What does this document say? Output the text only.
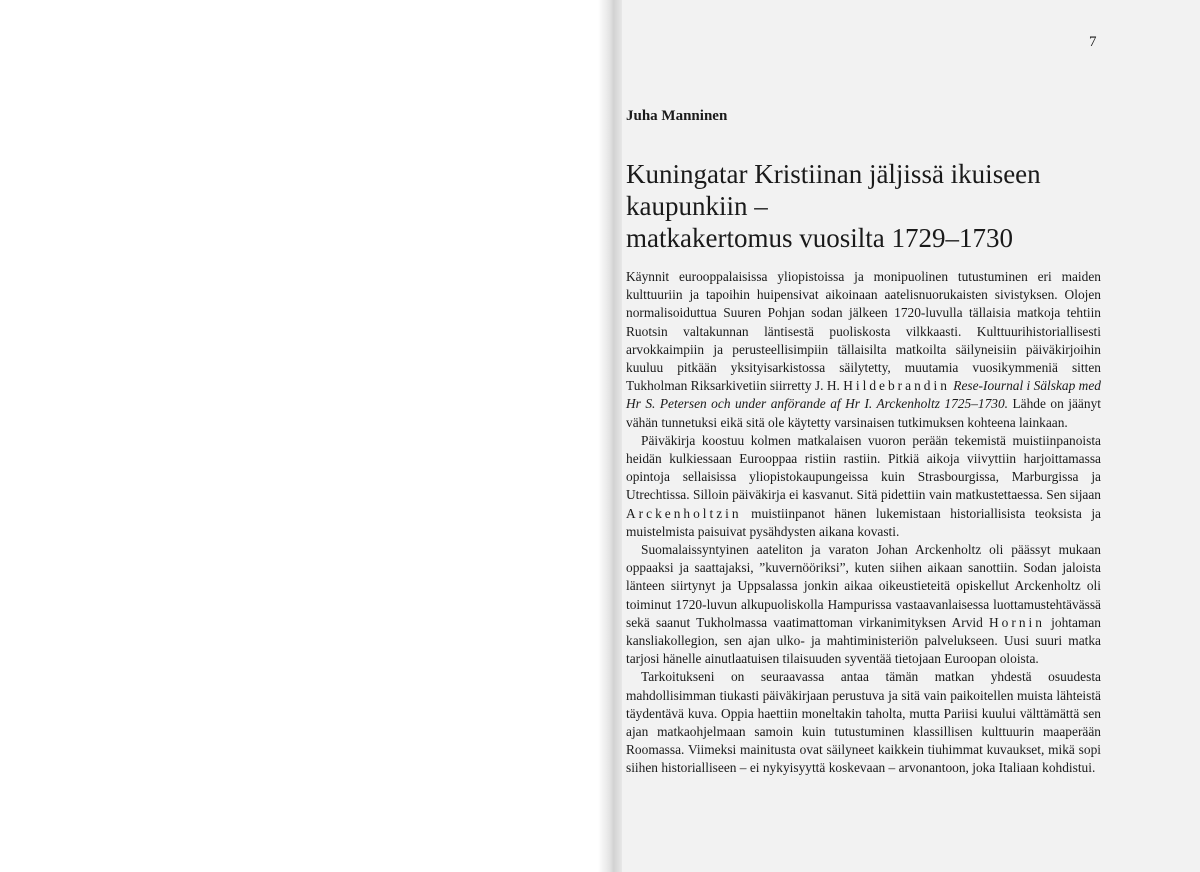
7
Juha Manninen
Kuningatar Kristiinan jäljissä ikuiseen
kaupunkiin –
matkakertomus vuosilta 1729–1730

Käynnit eurooppalaisissa yliopistoissa ja monipuolinen tutustuminen eri maiden kulttuuriin ja tapoihin huipensivat aikoinaan aatelisnuorukaisten sivistyksen. Olojen normalisoiduttua Suuren Pohjan sodan jälkeen 1720-luvulla tällaisia matkoja tehtiin Ruotsin valtakunnan läntisestä puoliskosta vilkkaasti. Kulttuurihistoriallisesti arvokkaimpiin ja perusteellisimpiin tällaisilta matkoilta säilyneisiin päiväkirjoihin kuuluu pitkään yksityisarkistossa säilytetty, muutamia vuosikymmeniä sitten Tukholman Riksarkivetiin siirretty J. H. Hildebrandin Rese-Iournal i Sälskap med Hr S. Petersen och under anförande af Hr I. Arckenholtz 1725–1730. Lähde on jäänyt vähän tunnetuksi eikä sitä ole käytetty varsinaisen tutkimuksen kohteena lainkaan.

Päiväkirja koostuu kolmen matkalaisen vuoron perään tekemistä muistiinpanoista heidän kulkiessaan Eurooppaa ristiin rastiin. Pitkiä aikoja viivyttiin harjoittamassa opintoja sellaisissa yliopistokaupungeissa kuin Strasbourgissa, Marburgissa ja Utrechtissa. Silloin päiväkirja ei kasvanut. Sitä pidettiin vain matkustettaessa. Sen sijaan Arckenholtzin muistiinpanot hänen lukemistaan historiallisista teoksista ja muistelmista paisuivat pysähdysten aikana kovasti.

Suomalaissyntyinen aateliton ja varaton Johan Arckenholtz oli päässyt mukaan oppaaksi ja saattajaksi, ”kuvernööriksi”, kuten siihen aikaan sanottiin. Sodan jaloista länteen siirtynyt ja Uppsalassa jonkin aikaa oikeustieteitä opiskellut Arckenholtz oli toiminut 1720-luvun alkupuoliskolla Hampurissa vastaavanlaisessa luottamustehtävässä sekä saanut Tukholmassa vaatimattoman virkanimityksen Arvid Hornin johtaman kansliakollegion, sen ajan ulko- ja mahtiministeriön palvelukseen. Uusi suuri matka tarjosi hänelle ainutlaatuisen tilaisuuden syventää tietojaan Euroopan oloista.

Tarkoitukseni on seuraavassa antaa tämän matkan yhdestä osuudesta mahdollisimman tiukasti päiväkirjaan perustuva ja sitä vain paikoitellen muista lähteistä täydentävä kuva. Oppia haettiin moneltakin taholta, mutta Pariisi kuului välttämättä sen ajan matkaohjelmaan samoin kuin tutustuminen klassillisen kulttuurin maaperään Roomassa. Viimeksi mainitusta ovat säilyneet kaikkein tiuhimmat kuvaukset, mikä sopi siihen historialliseen – ei nykyisyyttä koskevaan – arvonantoon, joka Italiaan kohdistui.
